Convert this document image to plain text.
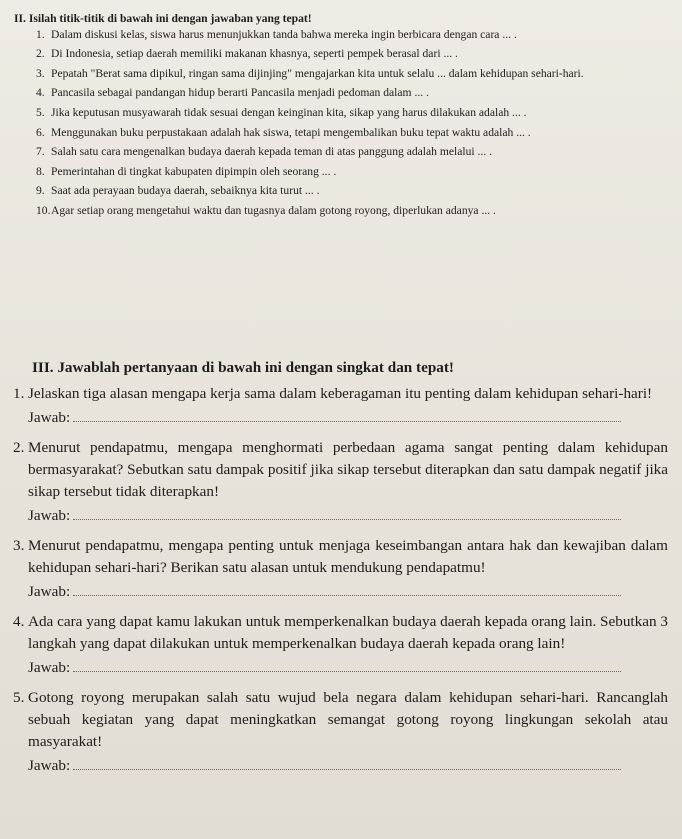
II. Isilah titik-titik di bawah ini dengan jawaban yang tepat!
1. Dalam diskusi kelas, siswa harus menunjukkan tanda bahwa mereka ingin berbicara dengan cara ... .
2. Di Indonesia, setiap daerah memiliki makanan khasnya, seperti pempek berasal dari ... .
3. Pepatah "Berat sama dipikul, ringan sama dijinjing" mengajarkan kita untuk selalu ... dalam kehidupan sehari-hari.
4. Pancasila sebagai pandangan hidup berarti Pancasila menjadi pedoman dalam ... .
5. Jika keputusan musyawarah tidak sesuai dengan keinginan kita, sikap yang harus dilakukan adalah ... .
6. Menggunakan buku perpustakaan adalah hak siswa, tetapi mengembalikan buku tepat waktu adalah ... .
7. Salah satu cara mengenalkan budaya daerah kepada teman di atas panggung adalah melalui ... .
8. Pemerintahan di tingkat kabupaten dipimpin oleh seorang ... .
9. Saat ada perayaan budaya daerah, sebaiknya kita turut ... .
10. Agar setiap orang mengetahui waktu dan tugasnya dalam gotong royong, diperlukan adanya ... .
III. Jawablah pertanyaan di bawah ini dengan singkat dan tepat!
1. Jelaskan tiga alasan mengapa kerja sama dalam keberagaman itu penting dalam kehidupan sehari-hari!
Jawab:
2. Menurut pendapatmu, mengapa menghormati perbedaan agama sangat penting dalam kehidupan bermasyarakat? Sebutkan satu dampak positif jika sikap tersebut diterapkan dan satu dampak negatif jika sikap tersebut tidak diterapkan!
Jawab:
3. Menurut pendapatmu, mengapa penting untuk menjaga keseimbangan antara hak dan kewajiban dalam kehidupan sehari-hari? Berikan satu alasan untuk mendukung pendapatmu!
Jawab:
4. Ada cara yang dapat kamu lakukan untuk memperkenalkan budaya daerah kepada orang lain. Sebutkan 3 langkah yang dapat dilakukan untuk memperkenalkan budaya daerah kepada orang lain!
Jawab:
5. Gotong royong merupakan salah satu wujud bela negara dalam kehidupan sehari-hari. Rancanglah sebuah kegiatan yang dapat meningkatkan semangat gotong royong lingkungan sekolah atau masyarakat!
Jawab:
